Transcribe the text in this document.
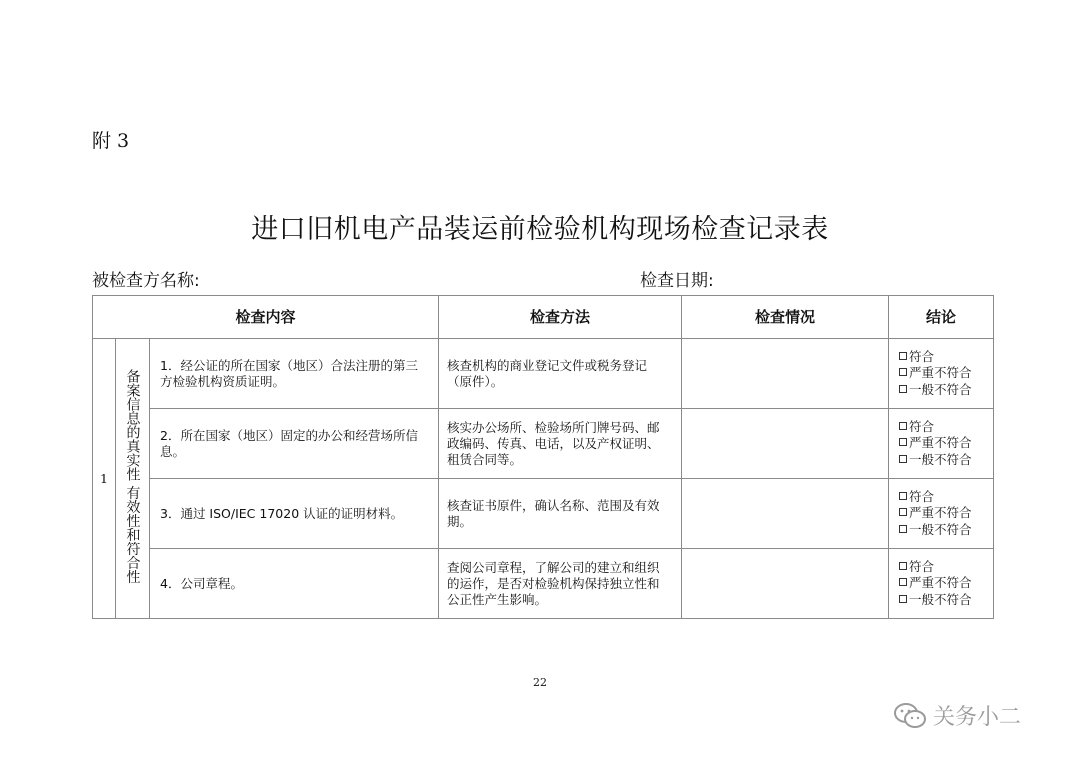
附 3
进口旧机电产品装运前检验机构现场检查记录表
被检查方名称:	检查日期:
检查内容			检查方法	检查情况	结论
1	备案信息的真实性 有效性和符合性	1．经公证的所在国家（地区）合法注册的第三方检验机构资质证明。	核查机构的商业登记文件或税务登记（原件）。		符合
严重不符合
一般不符合

		2．所在国家（地区）固定的办公和经营场所信息。	核实办公场所、检验场所门牌号码、邮政编码、传真、电话，以及产权证明、租赁合同等。		符合
严重不符合
一般不符合

		3．通过 ISO/IEC 17020 认证的证明材料。	核查证书原件，确认名称、范围及有效期。		符合
严重不符合
一般不符合

		4．公司章程。	查阅公司章程，了解公司的建立和组织的运作，是否对检验机构保持独立性和公正性产生影响。		符合
严重不符合
一般不符合
22
关务小二
